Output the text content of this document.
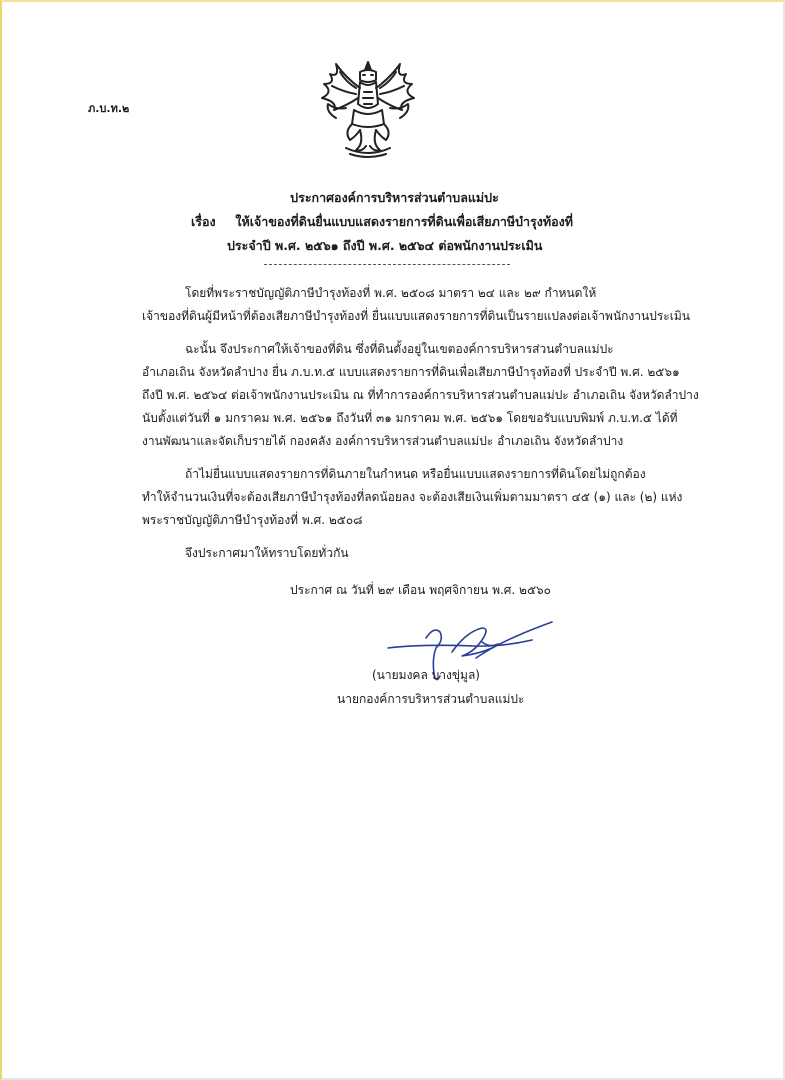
ภ.บ.ท.๒
ประกาศองค์การบริหารส่วนตำบลแม่ปะ
เรื่อง ให้เจ้าของที่ดินยื่นแบบแสดงรายการที่ดินเพื่อเสียภาษีบำรุงท้องที่
ประจำปี พ.ศ. ๒๕๖๑ ถึงปี พ.ศ. ๒๕๖๔ ต่อพนักงานประเมิน
โดยที่พระราชบัญญัติภาษีบำรุงท้องที่ พ.ศ. ๒๕๐๘ มาตรา ๒๔ และ ๒๙ กำหนดให้
เจ้าของที่ดินผู้มีหน้าที่ต้องเสียภาษีบำรุงท้องที่ ยื่นแบบแสดงรายการที่ดินเป็นรายแปลงต่อเจ้าพนักงานประเมิน
ฉะนั้น จึงประกาศให้เจ้าของที่ดิน ซึ่งที่ดินตั้งอยู่ในเขตองค์การบริหารส่วนตำบลแม่ปะ
อำเภอเถิน จังหวัดลำปาง ยื่น ภ.บ.ท.๕ แบบแสดงรายการที่ดินเพื่อเสียภาษีบำรุงท้องที่ ประจำปี พ.ศ. ๒๕๖๑
ถึงปี พ.ศ. ๒๕๖๔ ต่อเจ้าพนักงานประเมิน ณ ที่ทำการองค์การบริหารส่วนตำบลแม่ปะ อำเภอเถิน จังหวัดลำปาง
นับตั้งแต่วันที่ ๑ มกราคม พ.ศ. ๒๕๖๑ ถึงวันที่ ๓๑ มกราคม พ.ศ. ๒๕๖๑ โดยขอรับแบบพิมพ์ ภ.บ.ท.๕ ได้ที่
งานพัฒนาและจัดเก็บรายได้ กองคลัง องค์การบริหารส่วนตำบลแม่ปะ อำเภอเถิน จังหวัดลำปาง
ถ้าไม่ยื่นแบบแสดงรายการที่ดินภายในกำหนด หรือยื่นแบบแสดงรายการที่ดินโดยไม่ถูกต้อง
ทำให้จำนวนเงินที่จะต้องเสียภาษีบำรุงท้องที่ลดน้อยลง จะต้องเสียเงินเพิ่มตามมาตรา ๔๕ (๑) และ (๒) แห่ง
พระราชบัญญัติภาษีบำรุงท้องที่ พ.ศ. ๒๕๐๘
จึงประกาศมาให้ทราบโดยทั่วกัน
ประกาศ ณ วันที่ ๒๙ เดือน พฤศจิกายน พ.ศ. ๒๕๖๐
(นายมงคล บางขุ่มูล)
นายกองค์การบริหารส่วนตำบลแม่ปะ
